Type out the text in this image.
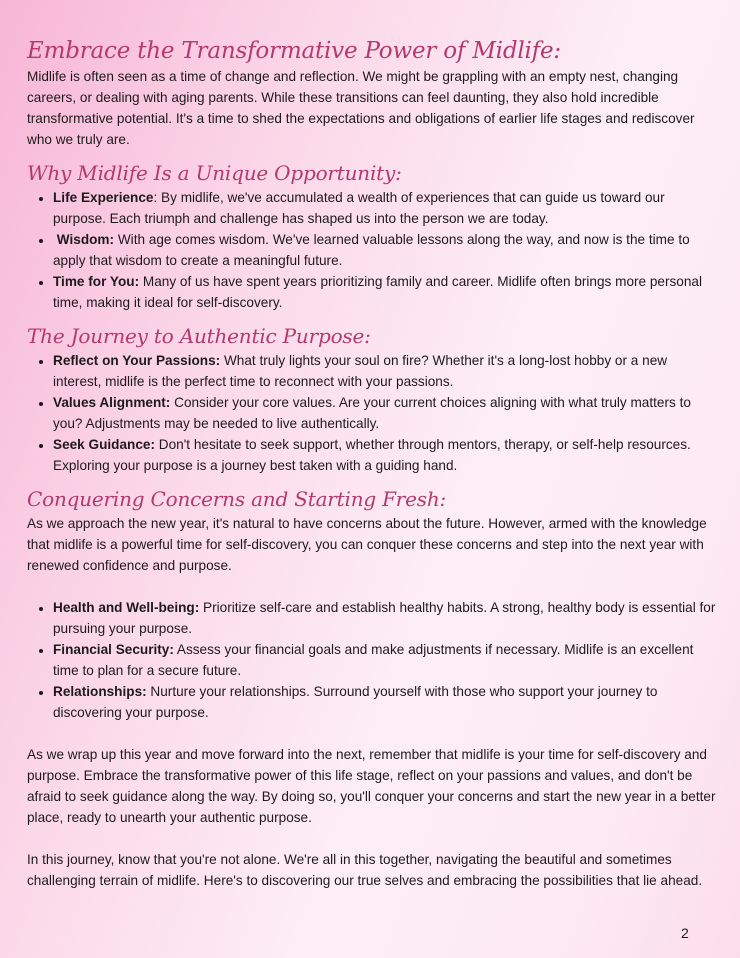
Embrace the Transformative Power of Midlife:

Midlife is often seen as a time of change and reflection. We might be grappling with an empty nest, changing careers, or dealing with aging parents. While these transitions can feel daunting, they also hold incredible transformative potential. It's a time to shed the expectations and obligations of earlier life stages and rediscover who we truly are.

Why Midlife Is a Unique Opportunity:
• Life Experience: By midlife, we've accumulated a wealth of experiences that can guide us toward our purpose. Each triumph and challenge has shaped us into the person we are today.
• Wisdom: With age comes wisdom. We've learned valuable lessons along the way, and now is the time to apply that wisdom to create a meaningful future.
• Time for You: Many of us have spent years prioritizing family and career. Midlife often brings more personal time, making it ideal for self-discovery.
The Journey to Authentic Purpose:
• Reflect on Your Passions: What truly lights your soul on fire? Whether it's a long-lost hobby or a new interest, midlife is the perfect time to reconnect with your passions.
• Values Alignment: Consider your core values. Are your current choices aligning with what truly matters to you? Adjustments may be needed to live authentically.
• Seek Guidance: Don't hesitate to seek support, whether through mentors, therapy, or self-help resources. Exploring your purpose is a journey best taken with a guiding hand.
Conquering Concerns and Starting Fresh:

As we approach the new year, it's natural to have concerns about the future. However, armed with the knowledge that midlife is a powerful time for self-discovery, you can conquer these concerns and step into the next year with renewed confidence and purpose.

• Health and Well-being: Prioritize self-care and establish healthy habits. A strong, healthy body is essential for pursuing your purpose.
• Financial Security: Assess your financial goals and make adjustments if necessary. Midlife is an excellent time to plan for a secure future.
• Relationships: Nurture your relationships. Surround yourself with those who support your journey to discovering your purpose.

As we wrap up this year and move forward into the next, remember that midlife is your time for self-discovery and purpose. Embrace the transformative power of this life stage, reflect on your passions and values, and don't be afraid to seek guidance along the way. By doing so, you'll conquer your concerns and start the new year in a better place, ready to unearth your authentic purpose.

In this journey, know that you're not alone. We're all in this together, navigating the beautiful and sometimes challenging terrain of midlife. Here's to discovering our true selves and embracing the possibilities that lie ahead.

2
